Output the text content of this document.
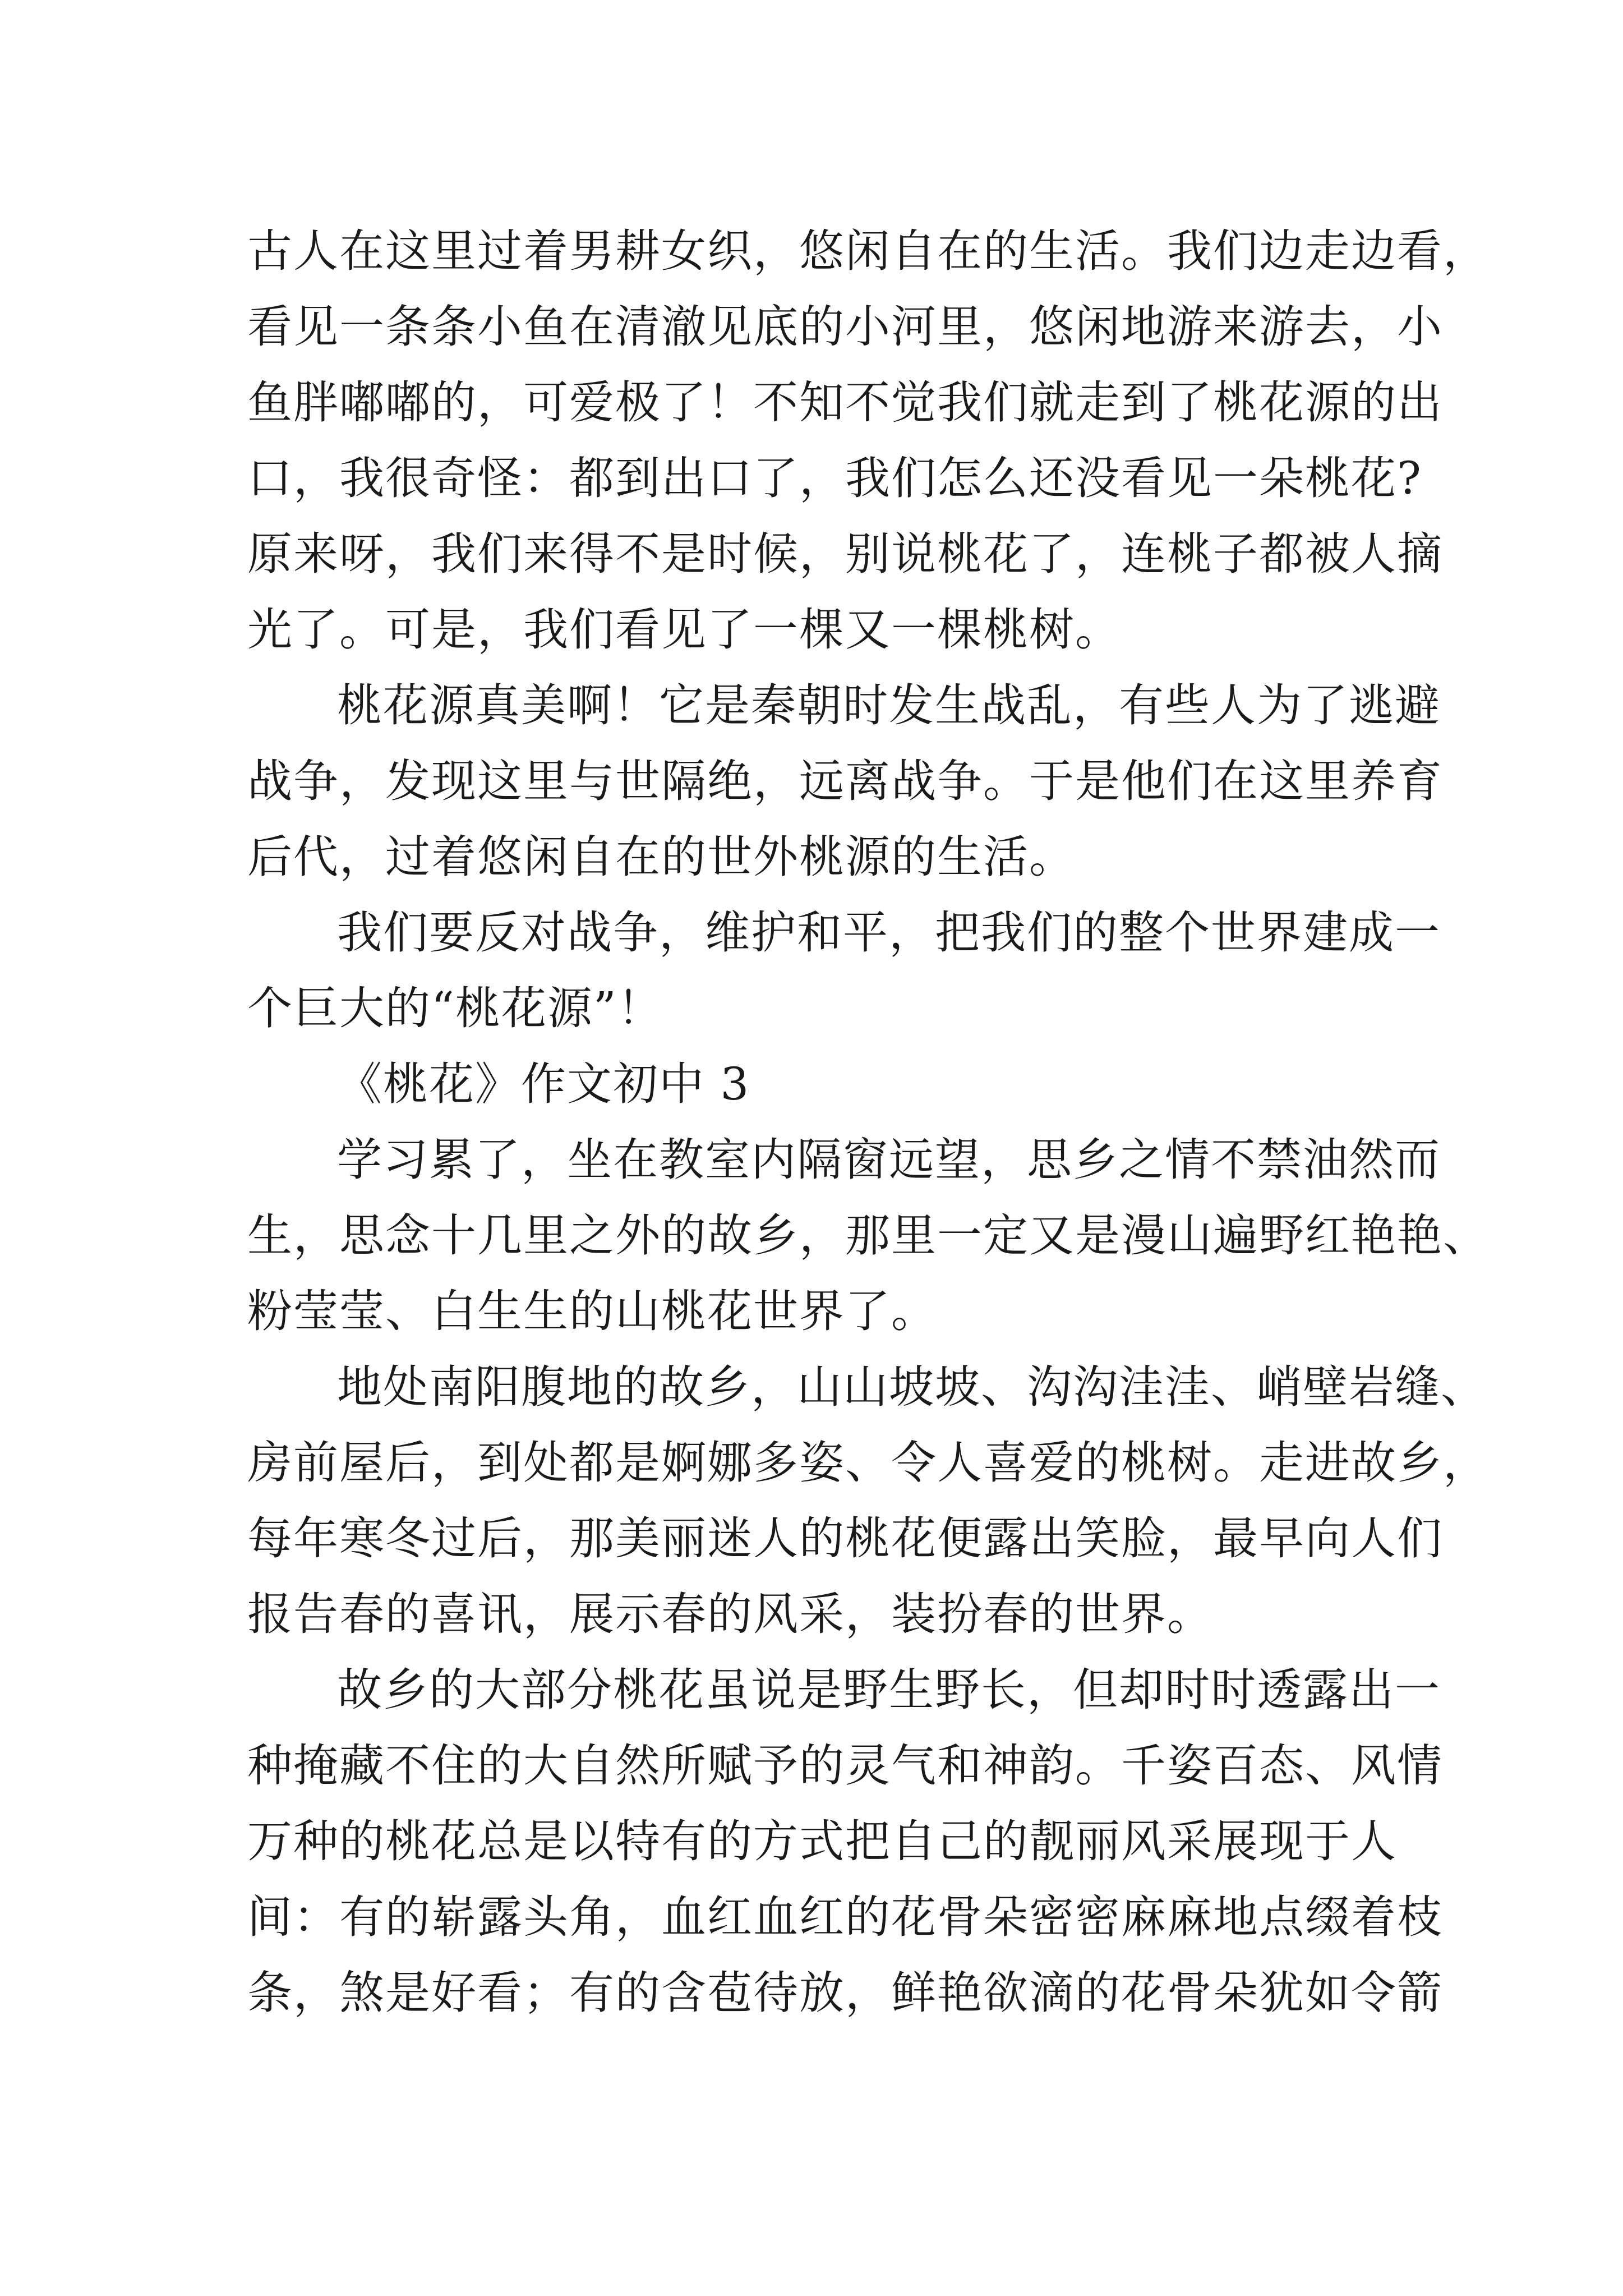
古人在这里过着男耕女织，悠闲自在的生活。我们边走边看，
看见一条条小鱼在清澈见底的小河里，悠闲地游来游去，小
鱼胖嘟嘟的，可爱极了！不知不觉我们就走到了桃花源的出
口，我很奇怪：都到出口了，我们怎么还没看见一朵桃花?
原来呀，我们来得不是时候，别说桃花了，连桃子都被人摘
光了。可是，我们看见了一棵又一棵桃树。
桃花源真美啊！它是秦朝时发生战乱，有些人为了逃避
战争，发现这里与世隔绝，远离战争。于是他们在这里养育
后代，过着悠闲自在的世外桃源的生活。
我们要反对战争，维护和平，把我们的整个世界建成一
个巨大的“桃花源”！
《桃花》作文初中 3
学习累了，坐在教室内隔窗远望，思乡之情不禁油然而
生，思念十几里之外的故乡，那里一定又是漫山遍野红艳艳、
粉莹莹、白生生的山桃花世界了。
地处南阳腹地的故乡，山山坡坡、沟沟洼洼、峭壁岩缝、
房前屋后，到处都是婀娜多姿、令人喜爱的桃树。走进故乡，
每年寒冬过后，那美丽迷人的桃花便露出笑脸，最早向人们
报告春的喜讯，展示春的风采，装扮春的世界。
故乡的大部分桃花虽说是野生野长，但却时时透露出一
种掩藏不住的大自然所赋予的灵气和神韵。千姿百态、风情
万种的桃花总是以特有的方式把自己的靓丽风采展现于人
间：有的崭露头角，血红血红的花骨朵密密麻麻地点缀着枝
条，煞是好看；有的含苞待放，鲜艳欲滴的花骨朵犹如令箭
